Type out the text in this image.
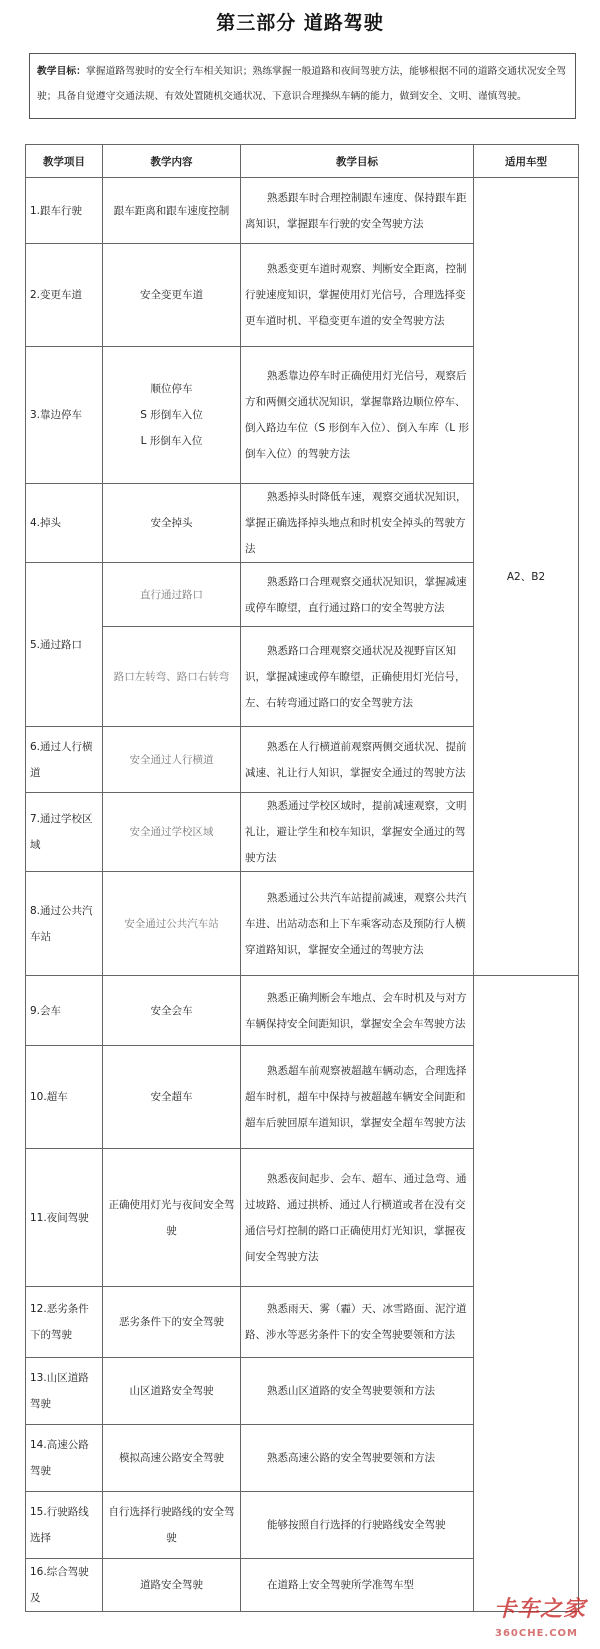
第三部分 道路驾驶
教学目标：掌握道路驾驶时的安全行车相关知识；熟练掌握一般道路和夜间驾驶方法，能够根据不同的道路交通状况安全驾驶；具备自觉遵守交通法规、有效处置随机交通状况、下意识合理操纵车辆的能力，做到安全、文明、谨慎驾驶。
教学项目	教学内容	教学目标	适用车型
1.跟车行驶	跟车距离和跟车速度控制	熟悉跟车时合理控制跟车速度、保持跟车距离知识，掌握跟车行驶的安全驾驶方法	A2、B2
2.变更车道	安全变更车道	熟悉变更车道时观察、判断安全距离，控制行驶速度知识，掌握使用灯光信号，合理选择变更车道时机、平稳变更车道的安全驾驶方法	
3.靠边停车	顺位停车
S 形倒车入位
L 形倒车入位	熟悉靠边停车时正确使用灯光信号，观察后方和两侧交通状况知识，掌握靠路边顺位停车、倒入路边车位（S 形倒车入位）、倒入车库（L 形倒车入位）的驾驶方法	
4.掉头	安全掉头	熟悉掉头时降低车速，观察交通状况知识，掌握正确选择掉头地点和时机安全掉头的驾驶方法	
5.通过路口	直行通过路口	熟悉路口合理观察交通状况知识，掌握减速或停车瞭望，直行通过路口的安全驾驶方法	
	路口左转弯、路口右转弯	熟悉路口合理观察交通状况及视野盲区知识，掌握减速或停车瞭望，正确使用灯光信号，左、右转弯通过路口的安全驾驶方法	
6.通过人行横道	安全通过人行横道	熟悉在人行横道前观察两侧交通状况、提前减速、礼让行人知识，掌握安全通过的驾驶方法	
7.通过学校区域	安全通过学校区域	熟悉通过学校区域时，提前减速观察，文明礼让，避让学生和校车知识，掌握安全通过的驾驶方法	
8.通过公共汽车站	安全通过公共汽车站	熟悉通过公共汽车站提前减速，观察公共汽车进、出站动态和上下车乘客动态及预防行人横穿道路知识，掌握安全通过的驾驶方法	
9.会车	安全会车	熟悉正确判断会车地点、会车时机及与对方车辆保持安全间距知识，掌握安全会车驾驶方法	
10.超车	安全超车	熟悉超车前观察被超越车辆动态，合理选择超车时机，超车中保持与被超越车辆安全间距和超车后驶回原车道知识，掌握安全超车驾驶方法	
11.夜间驾驶	正确使用灯光与夜间安全驾驶	熟悉夜间起步、会车、超车、通过急弯、通过坡路、通过拱桥、通过人行横道或者在没有交通信号灯控制的路口正确使用灯光知识，掌握夜间安全驾驶方法	
12.恶劣条件下的驾驶	恶劣条件下的安全驾驶	熟悉雨天、雾（霾）天、冰雪路面、泥泞道路、涉水等恶劣条件下的安全驾驶要领和方法	
13.山区道路驾驶	山区道路安全驾驶	熟悉山区道路的安全驾驶要领和方法	
14.高速公路驾驶	模拟高速公路安全驾驶	熟悉高速公路的安全驾驶要领和方法	
15.行驶路线选择	自行选择行驶路线的安全驾驶	能够按照自行选择的行驶路线安全驾驶	
16.综合驾驶及	道路安全驾驶	在道路上安全驾驶所学准驾车型	
卡车之家
360CHE.COM
